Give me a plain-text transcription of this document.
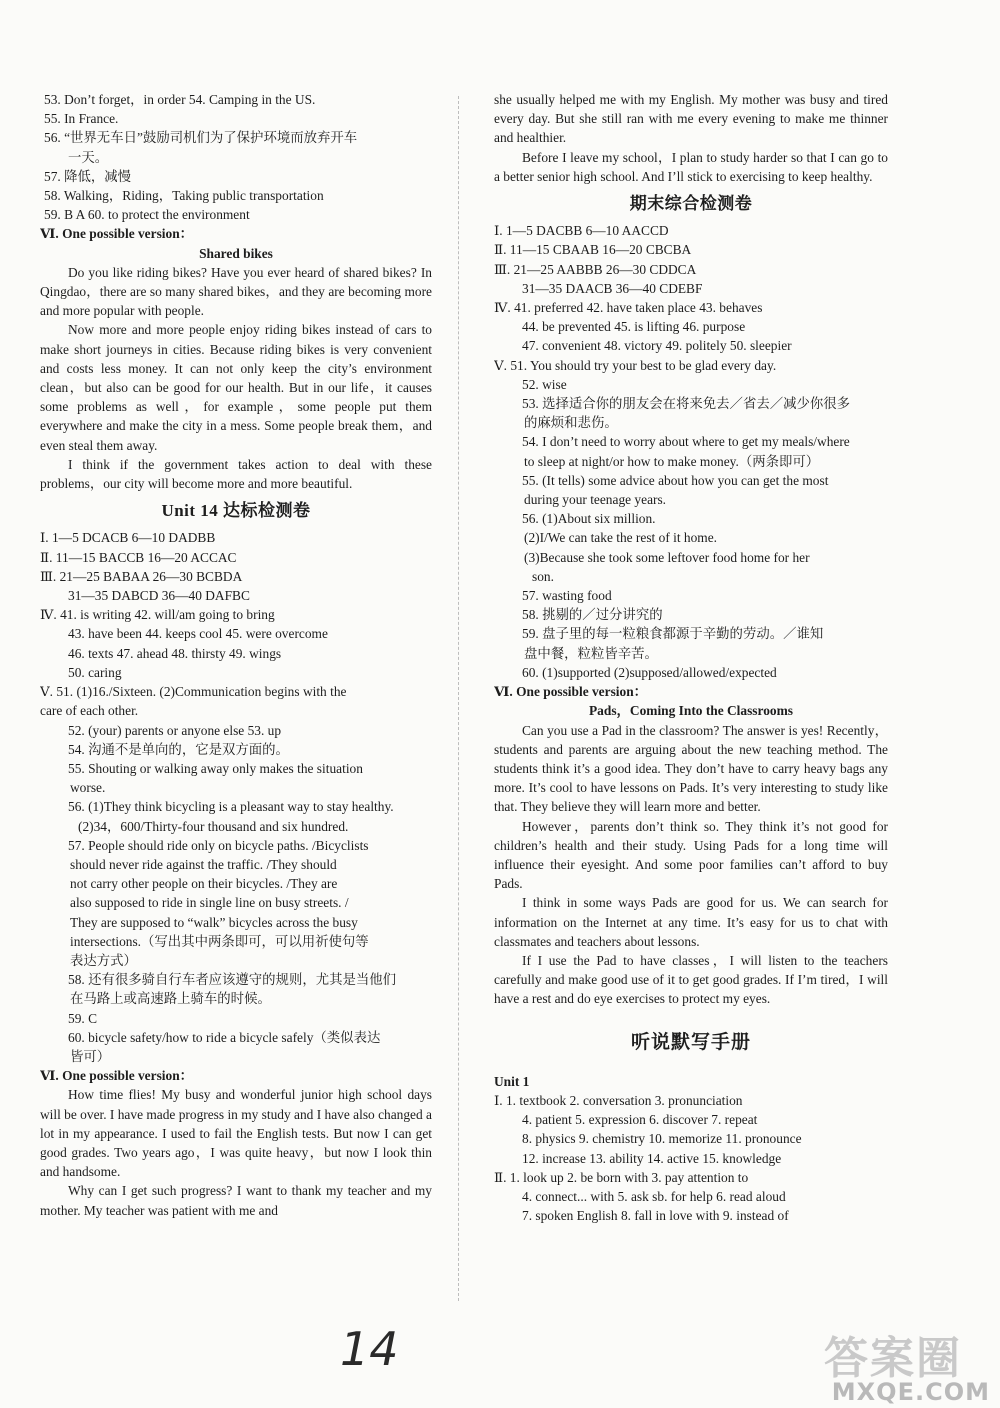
53. Don’t forget，in order 54. Camping in the US.
55. In France.
56. “世界无车日”鼓励司机们为了保护环境而放弃开车
一天。
57. 降低，减慢
58. Walking，Riding，Taking public transportation
59. B A 60. to protect the environment
Ⅵ. One possible version：
Shared bikes

Do you like riding bikes? Have you ever heard of shared bikes? In Qingdao，there are so many shared bikes，and they are becoming more and more popular with people.

Now more and more people enjoy riding bikes instead of cars to make short journeys in cities. Because riding bikes is very convenient and costs less money. It can not only keep the city’s environment clean，but also can be good for our health. But in our life，it causes some problems as well，for example，some people put them everywhere and make the city in a mess. Some people break them，and even steal them away.

I think if the government takes action to deal with these problems，our city will become more and more beautiful.

Unit 14 达标检测卷
Ⅰ. 1—5 DCACB 6—10 DADBB
Ⅱ. 11—15 BACCB 16—20 ACCAC
Ⅲ. 21—25 BABAA 26—30 BCBDA
31—35 DABCD 36—40 DAFBC
Ⅳ. 41. is writing 42. will/am going to bring
43. have been 44. keeps cool 45. were overcome
46. texts 47. ahead 48. thirsty 49. wings
50. caring
Ⅴ. 51. (1)16./Sixteen. (2)Communication begins with the
care of each other.
52. (your) parents or anyone else 53. up
54. 沟通不是单向的，它是双方面的。
55. Shouting or walking away only makes the situation
worse.
56. (1)They think bicycling is a pleasant way to stay healthy.
(2)34，600/Thirty-four thousand and six hundred.
57. People should ride only on bicycle paths. /Bicyclists
should never ride against the traffic. /They should
not carry other people on their bicycles. /They are
also supposed to ride in single line on busy streets. /
They are supposed to “walk” bicycles across the busy
intersections.（写出其中两条即可，可以用祈使句等
表达方式）
58. 还有很多骑自行车者应该遵守的规则，尤其是当他们
在马路上或高速路上骑车的时候。
59. C
60. bicycle safety/how to ride a bicycle safely（类似表达
皆可）
Ⅵ. One possible version：

How time flies! My busy and wonderful junior high school days will be over. I have made progress in my study and I have also changed a lot in my appearance. I used to fail the English tests. But now I can get good grades. Two years ago，I was quite heavy，but now I look thin and handsome.

Why can I get such progress? I want to thank my teacher and my mother. My teacher was patient with me and

she usually helped me with my English. My mother was busy and tired every day. But she still ran with me every evening to make me thinner and healthier.

Before I leave my school，I plan to study harder so that I can go to a better senior high school. And I’ll stick to exercising to keep healthy.

期末综合检测卷
Ⅰ. 1—5 DACBB 6—10 AACCD
Ⅱ. 11—15 CBAAB 16—20 CBCBA
Ⅲ. 21—25 AABBB 26—30 CDDCA
31—35 DAACB 36—40 CDEBF
Ⅳ. 41. preferred 42. have taken place 43. behaves
44. be prevented 45. is lifting 46. purpose
47. convenient 48. victory 49. politely 50. sleepier
Ⅴ. 51. You should try your best to be glad every day.
52. wise
53. 选择适合你的朋友会在将来免去／省去／减少你很多
的麻烦和悲伤。
54. I don’t need to worry about where to get my meals/where
to sleep at night/or how to make money.（两条即可）
55. (It tells) some advice about how you can get the most
during your teenage years.
56. (1)About six million.
(2)I/We can take the rest of it home.
(3)Because she took some leftover food home for her
son.
57. wasting food
58. 挑剔的／过分讲究的
59. 盘子里的每一粒粮食都源于辛勤的劳动。／谁知
盘中餐，粒粒皆辛苦。
60. (1)supported (2)supposed/allowed/expected
Ⅵ. One possible version：
Pads，Coming Into the Classrooms

Can you use a Pad in the classroom? The answer is yes! Recently，students and parents are arguing about the new teaching method. The students think it’s a good idea. They don’t have to carry heavy bags any more. It’s cool to have lessons on Pads. It’s very interesting to study like that. They believe they will learn more and better.

However，parents don’t think so. They think it’s not good for children’s health and their study. Using Pads for a long time will influence their eyesight. And some poor families can’t afford to buy Pads.

I think in some ways Pads are good for us. We can search for information on the Internet at any time. It’s easy for us to chat with classmates and teachers about lessons.

If I use the Pad to have classes，I will listen to the teachers carefully and make good use of it to get good grades. If I’m tired，I will have a rest and do eye exercises to protect my eyes.

听说默写手册
Unit 1
Ⅰ. 1. textbook 2. conversation 3. pronunciation
4. patient 5. expression 6. discover 7. repeat
8. physics 9. chemistry 10. memorize 11. pronounce
12. increase 13. ability 14. active 15. knowledge
Ⅱ. 1. look up 2. be born with 3. pay attention to
4. connect... with 5. ask sb. for help 6. read aloud
7. spoken English 8. fall in love with 9. instead of
14	答案圈
MXQE.COM
